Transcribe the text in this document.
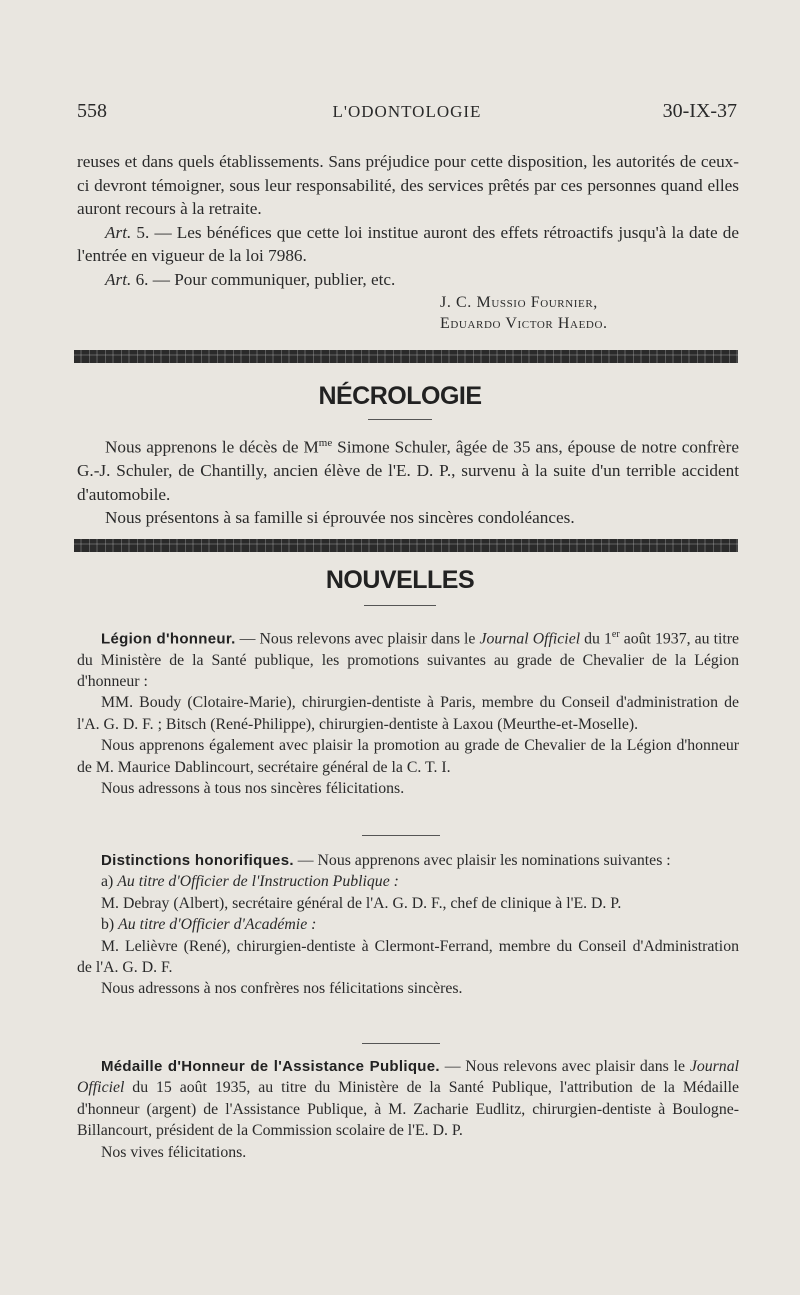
558	L'ODONTOLOGIE	30-IX-37

reuses et dans quels établissements. Sans préjudice pour cette disposition, les autorités de ceux-ci devront témoigner, sous leur responsabilité, des services prêtés par ces personnes quand elles auront recours à la retraite.

Art. 5. — Les bénéfices que cette loi institue auront des effets rétroactifs jusqu'à la date de l'entrée en vigueur de la loi 7986.

Art. 6. — Pour communiquer, publier, etc.

J. C. Mussio Fournier,
Eduardo Victor Haedo.
NÉCROLOGIE

Nous apprenons le décès de $M^{me}$ Simone Schuler, âgée de 35 ans, épouse de notre confrère G.-J. Schuler, de Chantilly, ancien élève de l'E. D. P., survenu à la suite d'un terrible accident d'automobile.

Nous présentons à sa famille si éprouvée nos sincères condoléances.

NOUVELLES

Légion d'honneur. — Nous relevons avec plaisir dans le Journal Officiel du 1er août 1937, au titre du Ministère de la Santé publique, les promotions suivantes au grade de Chevalier de la Légion d'honneur :

MM. Boudy (Clotaire-Marie), chirurgien-dentiste à Paris, membre du Conseil d'administration de l'A. G. D. F. ; Bitsch (René-Philippe), chirurgien-dentiste à Laxou (Meurthe-et-Moselle).

Nous apprenons également avec plaisir la promotion au grade de Chevalier de la Légion d'honneur de M. Maurice Dablincourt, secrétaire général de la C. T. I.

Nous adressons à tous nos sincères félicitations.

Distinctions honorifiques. — Nous apprenons avec plaisir les nominations suivantes :

a) Au titre d'Officier de l'Instruction Publique :

M. Debray (Albert), secrétaire général de l'A. G. D. F., chef de clinique à l'E. D. P.

b) Au titre d'Officier d'Académie :

M. Lelièvre (René), chirurgien-dentiste à Clermont-Ferrand, membre du Conseil d'Administration de l'A. G. D. F.

Nous adressons à nos confrères nos félicitations sincères.

Médaille d'Honneur de l'Assistance Publique. — Nous relevons avec plaisir dans le Journal Officiel du 15 août 1935, au titre du Ministère de la Santé Publique, l'attribution de la Médaille d'honneur (argent) de l'Assistance Publique, à M. Zacharie Eudlitz, chirurgien-dentiste à Boulogne-Billancourt, président de la Commission scolaire de l'E. D. P.

Nos vives félicitations.
